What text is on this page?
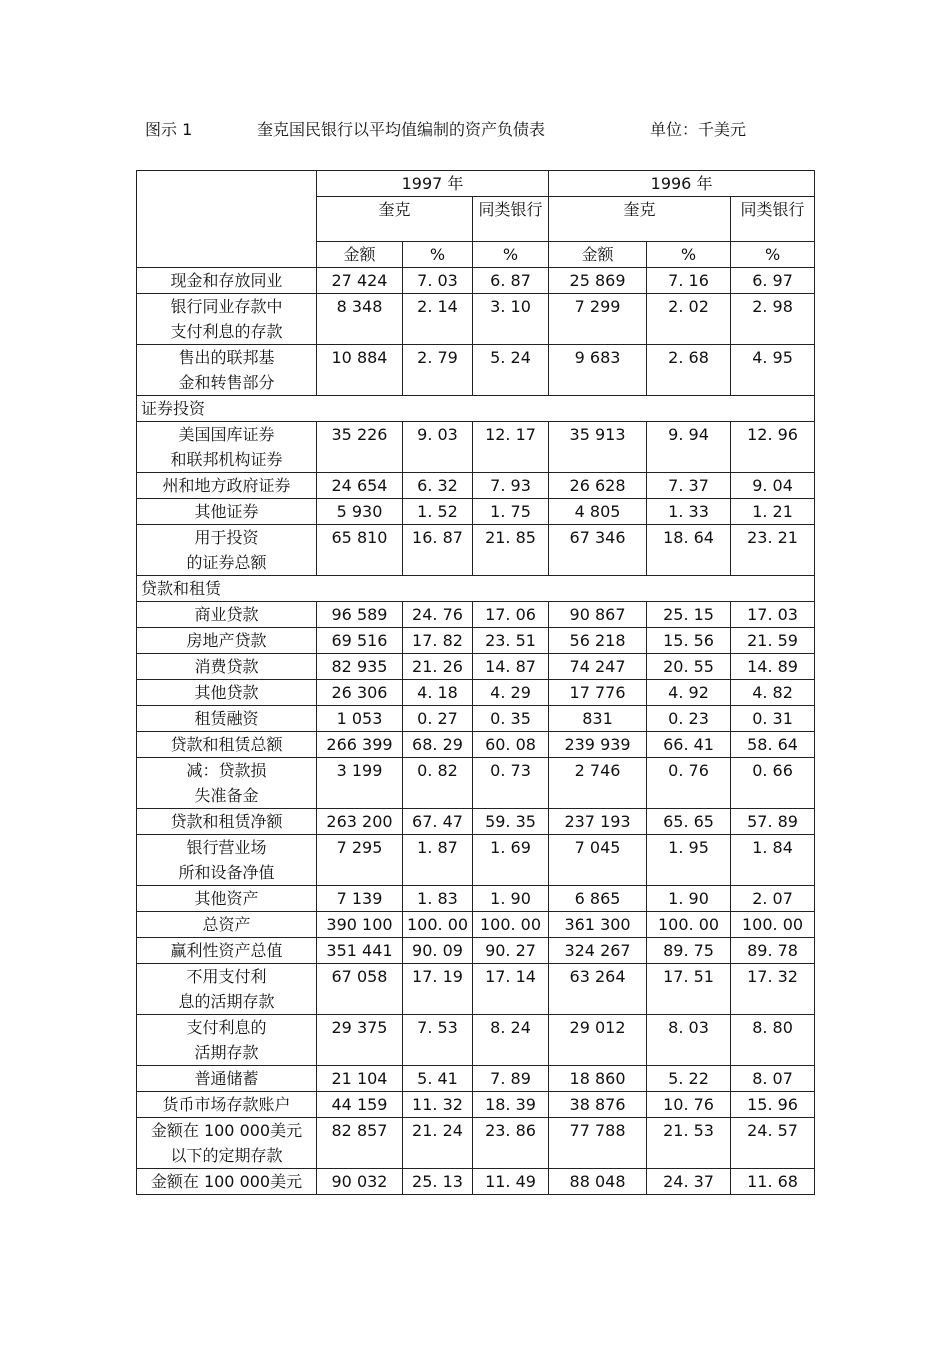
图示 1	奎克国民银行以平均值编制的资产负债表	单位：千美元
	1997 年			1996 年		
	奎克		同类银行	奎克		同类银行
	金额	%	%	金额	%	%

现金和存放同业	27 424	7. 03	6. 87	25 869	7. 16	6. 97

银行同业存款中
支付利息的存款	8 348	2. 14	3. 10	7 299	2. 02	2. 98

售出的联邦基
金和转售部分	10 884	2. 79	5. 24	9 683	2. 68	4. 95
证券投资						

美国国库证券
和联邦机构证券	35 226	9. 03	12. 17	35 913	9. 94	12. 96

州和地方政府证券	24 654	6. 32	7. 93	26 628	7. 37	9. 04

其他证券	5 930	1. 52	1. 75	4 805	1. 33	1. 21

用于投资
的证券总额	65 810	16. 87	21. 85	67 346	18. 64	23. 21
贷款和租赁						

商业贷款	96 589	24. 76	17. 06	90 867	25. 15	17. 03

房地产贷款	69 516	17. 82	23. 51	56 218	15. 56	21. 59

消费贷款	82 935	21. 26	14. 87	74 247	20. 55	14. 89

其他贷款	26 306	4. 18	4. 29	17 776	4. 92	4. 82

租赁融资	1 053	0. 27	0. 35	831	0. 23	0. 31

贷款和租赁总额	266 399	68. 29	60. 08	239 939	66. 41	58. 64

减：贷款损
失准备金	3 199	0. 82	0. 73	2 746	0. 76	0. 66

贷款和租赁净额	263 200	67. 47	59. 35	237 193	65. 65	57. 89

银行营业场
所和设备净值	7 295	1. 87	1. 69	7 045	1. 95	1. 84

其他资产	7 139	1. 83	1. 90	6 865	1. 90	2. 07

总资产	390 100	100. 00	100. 00	361 300	100. 00	100. 00

赢利性资产总值	351 441	90. 09	90. 27	324 267	89. 75	89. 78

不用支付利
息的活期存款	67 058	17. 19	17. 14	63 264	17. 51	17. 32

支付利息的
活期存款	29 375	7. 53	8. 24	29 012	8. 03	8. 80

普通储蓄	21 104	5. 41	7. 89	18 860	5. 22	8. 07

货币市场存款账户	44 159	11. 32	18. 39	38 876	10. 76	15. 96

金额在 100 000美元
以下的定期存款	82 857	21. 24	23. 86	77 788	21. 53	24. 57

金额在 100 000美元	90 032	25. 13	11. 49	88 048	24. 37	11. 68
